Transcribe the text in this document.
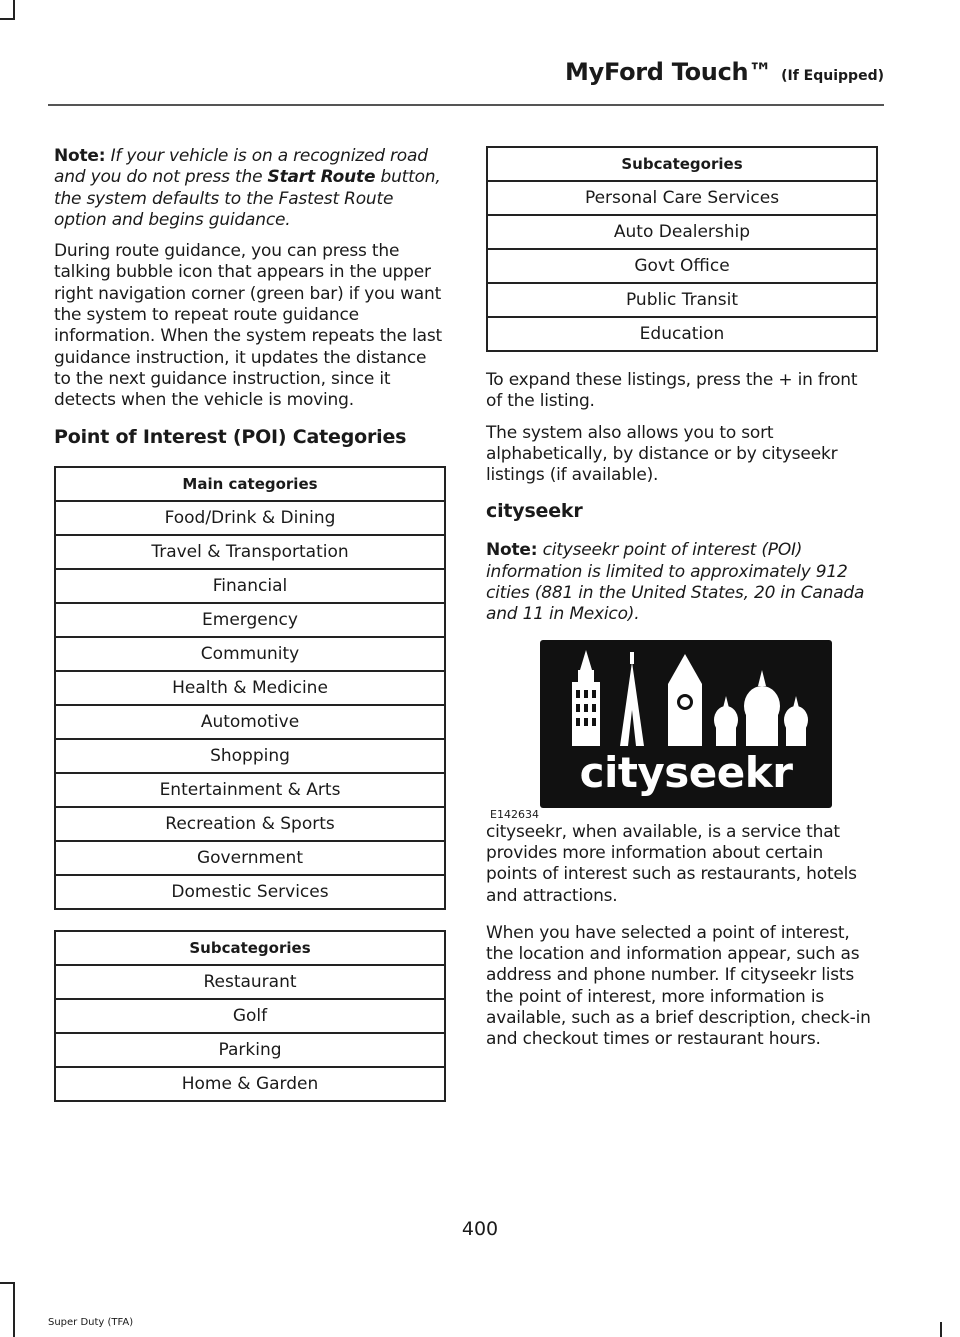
MyFord Touch™ (If Equipped)

Note: If your vehicle is on a recognized road and you do not press the Start Route button, the system defaults to the Fastest Route option and begins guidance.

During route guidance, you can press the talking bubble icon that appears in the upper right navigation corner (green bar) if you want the system to repeat route guidance information. When the system repeats the last guidance instruction, it updates the distance to the next guidance instruction, since it detects when the vehicle is moving.

Point of Interest (POI) Categories
Main categories
Food/Drink & Dining
Travel & Transportation
Financial
Emergency
Community
Health & Medicine
Automotive
Shopping
Entertainment & Arts
Recreation & Sports
Government
Domestic Services
Subcategories
Restaurant
Golf
Parking
Home & Garden
Subcategories
Personal Care Services
Auto Dealership
Govt Office
Public Transit
Education

To expand these listings, press the + in front of the listing.

The system also allows you to sort alphabetically, by distance or by cityseekr listings (if available).

cityseekr

Note: cityseekr point of interest (POI) information is limited to approximately 912 cities (881 in the United States, 20 in Canada and 11 in Mexico).

cityseekr
E142634

cityseekr, when available, is a service that provides more information about certain points of interest such as restaurants, hotels and attractions.

When you have selected a point of interest, the location and information appear, such as address and phone number. If cityseekr lists the point of interest, more information is available, such as a brief description, check-in and checkout times or restaurant hours.

400
Super Duty (TFA)
